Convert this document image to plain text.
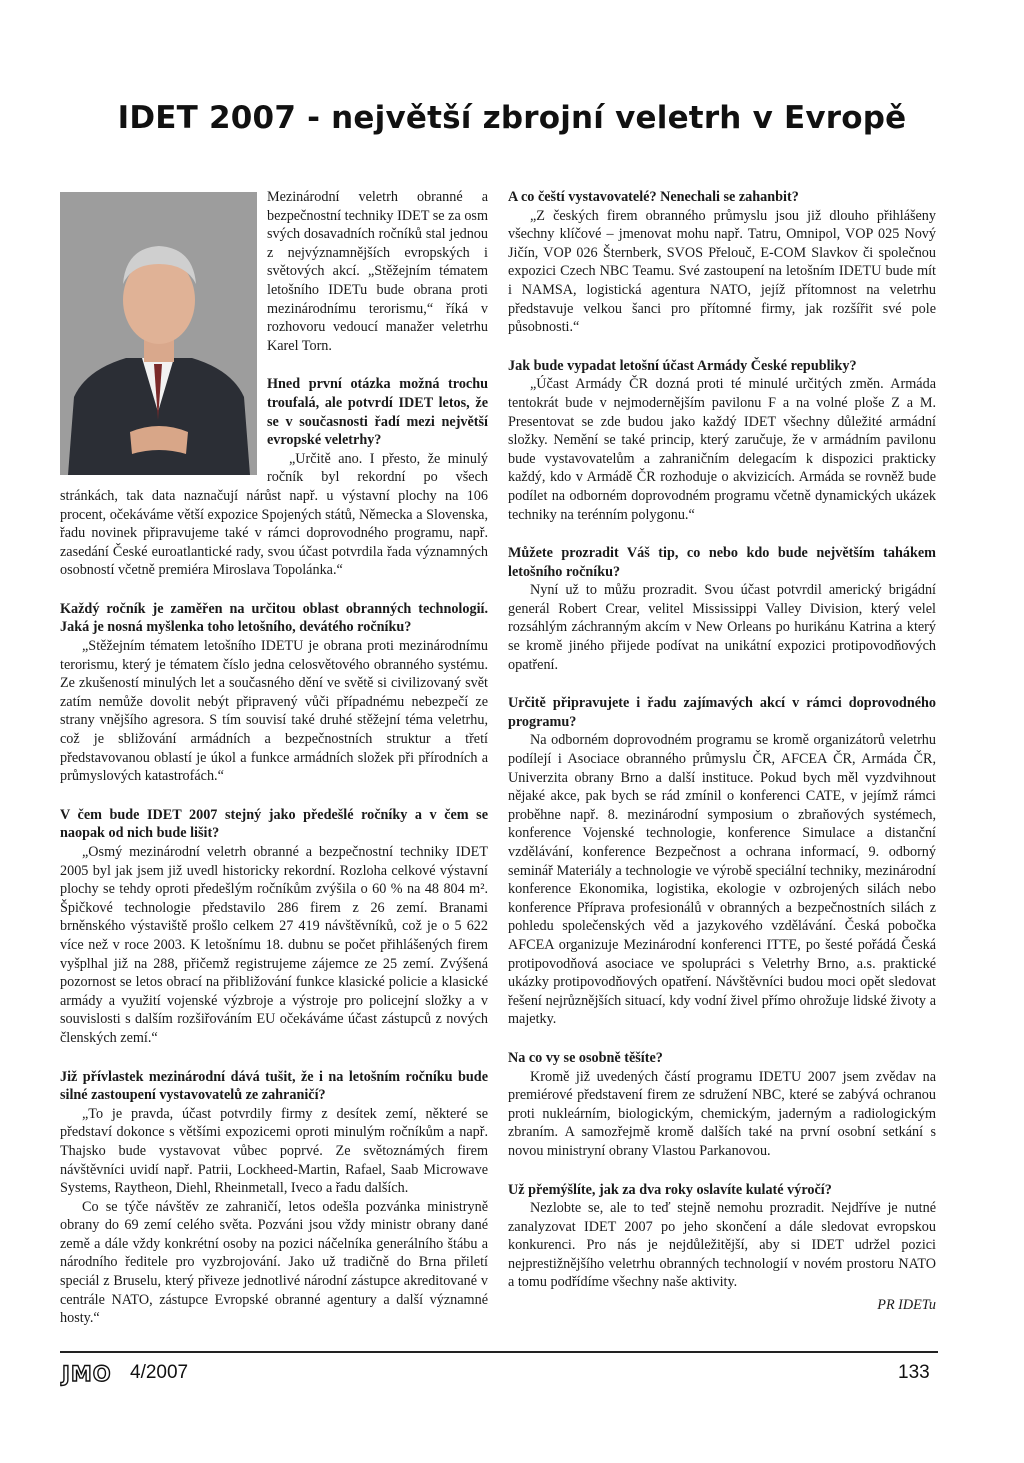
IDET 2007 - největší zbrojní veletrh v Evropě

Mezinárodní veletrh obranné a bezpečnostní techniky IDET se za osm svých dosavadních ročníků stal jednou z nejvýznamnějších evropských i světových akcí. „Stěžejním tématem letošního IDETu bude obrana proti mezinárodnímu terorismu,“ říká v rozhovoru vedoucí manažer veletrhu Karel Torn.

Hned první otázka možná trochu troufalá, ale potvrdí IDET letos, že se v současnosti řadí mezi největší evropské veletrhy?

„Určitě ano. I přesto, že minulý ročník byl rekordní po všech stránkách, tak data naznačují nárůst např. u výstavní plochy na 106 procent, očekáváme větší expozice Spojených států, Německa a Slovenska, řadu novinek připravujeme také v rámci doprovodného programu, např. zasedání České euroatlantické rady, svou účast potvrdila řada významných osobností včetně premiéra Miroslava Topolánka.“

Každý ročník je zaměřen na určitou oblast obranných technologií. Jaká je nosná myšlenka toho letošního, devátého ročníku?

„Stěžejním tématem letošního IDETU je obrana proti mezinárodnímu terorismu, který je tématem číslo jedna celosvětového obranného systému. Ze zkušeností minulých let a současného dění ve světě si civilizovaný svět zatím nemůže dovolit nebýt připravený vůči případnému nebezpečí ze strany vnějšího agresora. S tím souvisí také druhé stěžejní téma veletrhu, což je sbližování armádních a bezpečnostních struktur a třetí představovanou oblastí je úkol a funkce armádních složek při přírodních a průmyslových katastrofách.“

V čem bude IDET 2007 stejný jako předešlé ročníky a v čem se naopak od nich bude lišit?

„Osmý mezinárodní veletrh obranné a bezpečnostní techniky IDET 2005 byl jak jsem již uvedl historicky rekordní. Rozloha celkové výstavní plochy se tehdy oproti předešlým ročníkům zvýšila o 60 % na 48 804 m². Špičkové technologie představilo 286 firem z 26 zemí. Branami brněnského výstaviště prošlo celkem 27 419 návštěvníků, což je o 5 622 více než v roce 2003. K letošnímu 18. dubnu se počet přihlášených firem vyšplhal již na 288, přičemž registrujeme zájemce ze 25 zemí. Zvýšená pozornost se letos obrací na přibližování funkce klasické policie a klasické armády a využití vojenské výzbroje a výstroje pro policejní složky a v souvislosti s dalším rozšiřováním EU očekáváme účast zástupců z nových členských zemí.“

Již přívlastek mezinárodní dává tušit, že i na letošním ročníku bude silné zastoupení vystavovatelů ze zahraničí?

„To je pravda, účast potvrdily firmy z desítek zemí, některé se představí dokonce s většími expozicemi oproti minulým ročníkům a např. Thajsko bude vystavovat vůbec poprvé. Ze světoznámých firem návštěvníci uvidí např. Patrii, Lockheed-Martin, Rafael, Saab Microwave Systems, Raytheon, Diehl, Rheinmetall, Iveco a řadu dalších.

Co se týče návštěv ze zahraničí, letos odešla pozvánka ministryně obrany do 69 zemí celého světa. Pozváni jsou vždy ministr obrany dané země a dále vždy konkrétní osoby na pozici náčelníka generálního štábu a národního ředitele pro vyzbrojování. Jako už tradičně do Brna přiletí speciál z Bruselu, který přiveze jednotlivé národní zástupce akreditované v centrále NATO, zástupce Evropské obranné agentury a další významné hosty.“

A co čeští vystavovatelé? Nenechali se zahanbit?

„Z českých firem obranného průmyslu jsou již dlouho přihlášeny všechny klíčové – jmenovat mohu např. Tatru, Omnipol, VOP 025 Nový Jičín, VOP 026 Šternberk, SVOS Přelouč, E-COM Slavkov či společnou expozici Czech NBC Teamu. Své zastoupení na letošním IDETU bude mít i NAMSA, logistická agentura NATO, jejíž přítomnost na veletrhu představuje velkou šanci pro přítomné firmy, jak rozšířit své pole působnosti.“

Jak bude vypadat letošní účast Armády České republiky?

„Účast Armády ČR dozná proti té minulé určitých změn. Armáda tentokrát bude v nejmodernějším pavilonu F a na volné ploše Z a M. Presentovat se zde budou jako každý IDET všechny důležité armádní složky. Nemění se také princip, který zaručuje, že v armádním pavilonu bude vystavovatelům a zahraničním delegacím k dispozici prakticky každý, kdo v Armádě ČR rozhoduje o akvizicích. Armáda se rovněž bude podílet na odborném doprovodném programu včetně dynamických ukázek techniky na terénním polygonu.“

Můžete prozradit Váš tip, co nebo kdo bude největším tahákem letošního ročníku?

Nyní už to můžu prozradit. Svou účast potvrdil americký brigádní generál Robert Crear, velitel Mississippi Valley Division, který velel rozsáhlým záchranným akcím v New Orleans po hurikánu Katrina a který se kromě jiného přijede podívat na unikátní expozici protipovodňových opatření.

Určitě připravujete i řadu zajímavých akcí v rámci doprovodného programu?

Na odborném doprovodném programu se kromě organizátorů veletrhu podílejí i Asociace obranného průmyslu ČR, AFCEA ČR, Armáda ČR, Univerzita obrany Brno a další instituce. Pokud bych měl vyzdvihnout nějaké akce, pak bych se rád zmínil o konferenci CATE, v jejímž rámci proběhne např. 8. mezinárodní symposium o zbraňových systémech, konference Vojenské technologie, konference Simulace a distanční vzdělávání, konference Bezpečnost a ochrana informací, 9. odborný seminář Materiály a technologie ve výrobě speciální techniky, mezinárodní konference Ekonomika, logistika, ekologie v ozbrojených silách nebo konference Příprava profesionálů v obranných a bezpečnostních silách z pohledu společenských věd a jazykového vzdělávání. Česká pobočka AFCEA organizuje Mezinárodní konferenci ITTE, po šesté pořádá Česká protipovodňová asociace ve spolupráci s Veletrhy Brno, a.s. praktické ukázky protipovodňových opatření. Návštěvníci budou moci opět sledovat řešení nejrůznějších situací, kdy vodní živel přímo ohrožuje lidské životy a majetky.

Na co vy se osobně těšíte?

Kromě již uvedených částí programu IDETU 2007 jsem zvědav na premiérové představení firem ze sdružení NBC, které se zabývá ochranou proti nukleárním, biologickým, chemickým, jaderným a radiologickým zbraním. A samozřejmě kromě dalších také na první osobní setkání s novou ministryní obrany Vlastou Parkanovou.

Už přemýšlíte, jak za dva roky oslavíte kulaté výročí?

Nezlobte se, ale to teď stejně nemohu prozradit. Nejdříve je nutné zanalyzovat IDET 2007 po jeho skončení a dále sledovat evropskou konkurenci. Pro nás je nejdůležitější, aby si IDET udržel pozici nejprestižnějšího veletrhu obranných technologií v novém prostoru NATO a tomu podřídíme všechny naše aktivity.

PR IDETu

JMO 4/2007	133
